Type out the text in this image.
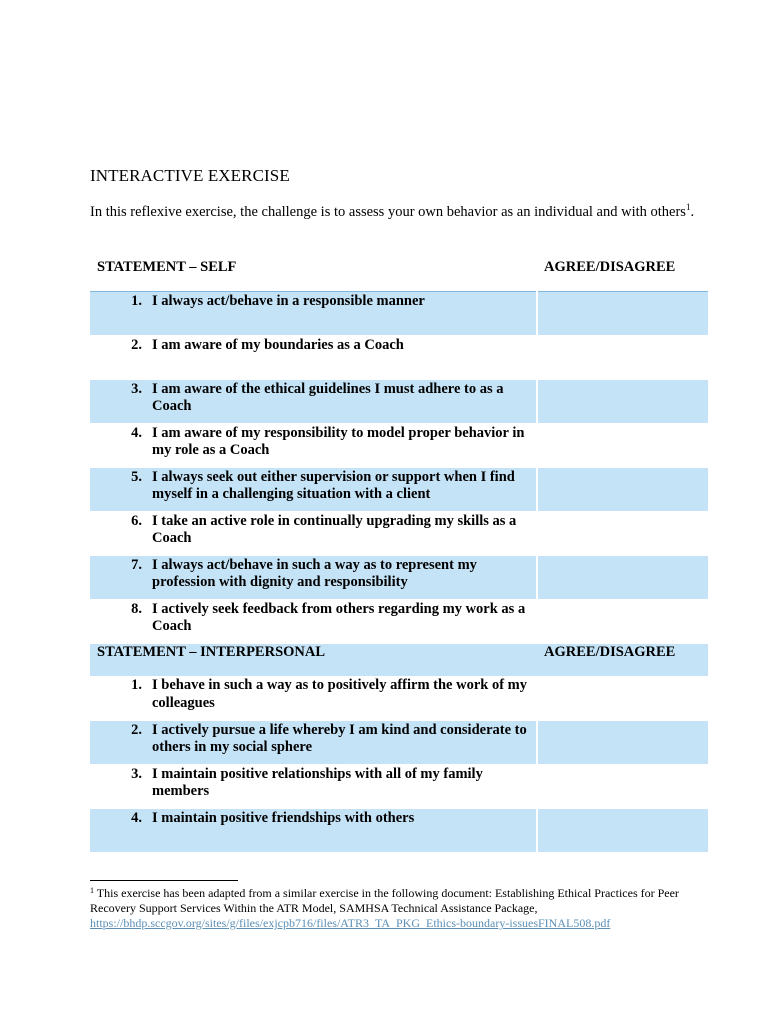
INTERACTIVE EXERCISE
In this reflexive exercise, the challenge is to assess your own behavior as an individual and with others$^1$.
STATEMENT – SELF	AGREE/DISAGREE

1. I always act/behave in a responsible manner	

2. I am aware of my boundaries as a Coach	

3. I am aware of the ethical guidelines I must adhere to as a Coach	

4. I am aware of my responsibility to model proper behavior in my role as a Coach	

5. I always seek out either supervision or support when I find myself in a challenging situation with a client	

6. I take an active role in continually upgrading my skills as a Coach	

7. I always act/behave in such a way as to represent my profession with dignity and responsibility	

8. I actively seek feedback from others regarding my work as a Coach	

STATEMENT – INTERPERSONAL	AGREE/DISAGREE

1. I behave in such a way as to positively affirm the work of my colleagues	

2. I actively pursue a life whereby I am kind and considerate to others in my social sphere	

3. I maintain positive relationships with all of my family members	

4. I maintain positive friendships with others	

$^1$ This exercise has been adapted from a similar exercise in the following document: Establishing Ethical Practices for Peer Recovery Support Services Within the ATR Model, SAMHSA Technical Assistance Package, https://bhdp.sccgov.org/sites/g/files/exjcpb716/files/ATR3_TA_PKG_Ethics-boundary-issuesFINAL508.pdf
